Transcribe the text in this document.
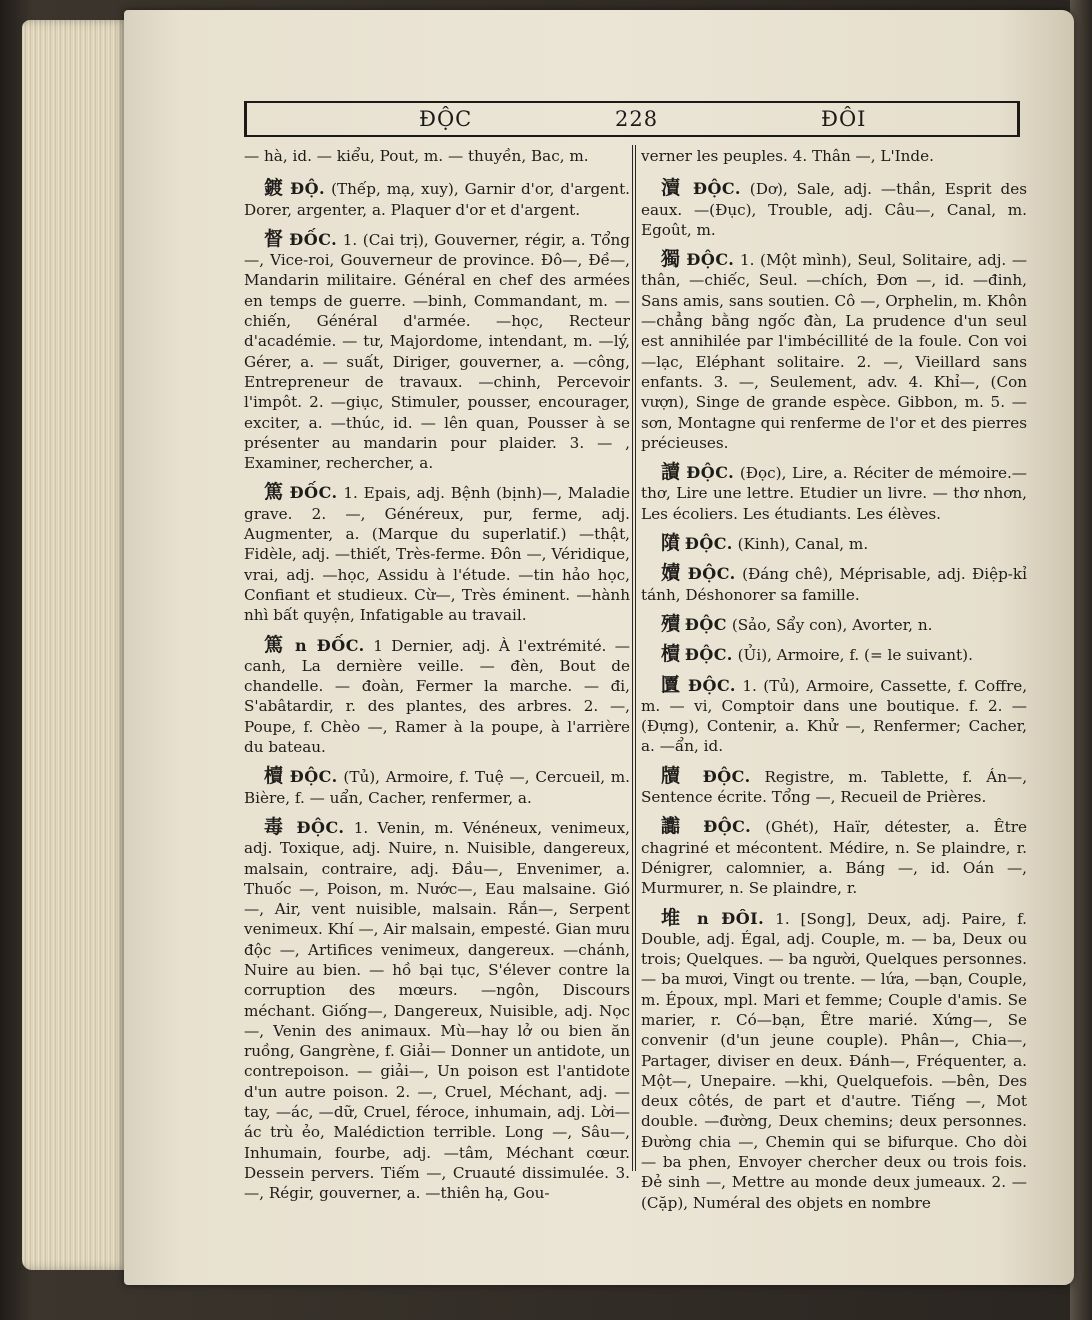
ĐỘC	228	ĐÔI

— hà, id. — kiểu, Pout, m. — thuyền, Bac, m.

鍍 ĐỘ. (Thếp, mạ, xuy), Garnir d'or, d'argent. Dorer, argenter, a. Plaquer d'or et d'argent.

督 ĐỐC. 1. (Cai trị), Gouverner, régir, a. Tổng —, Vice-roi, Gouverneur de province. Đô—, Đề—, Mandarin militaire. Général en chef des armées en temps de guerre. —binh, Commandant, m. —chiến, Général d'armée. —học, Recteur d'académie. — tư, Majordome, intendant, m. —lý, Gérer, a. — suất, Diriger, gouverner, a. —công, Entrepreneur de travaux. —chinh, Percevoir l'impôt. 2. —giục, Stimuler, pousser, encourager, exciter, a. —thúc, id. — lên quan, Pousser à se présenter au mandarin pour plaider. 3. — , Examiner, rechercher, a.

篤 ĐỐC. 1. Epais, adj. Bệnh (bịnh)—, Maladie grave. 2. —, Généreux, pur, ferme, adj. Augmenter, a. (Marque du superlatif.) —thật, Fidèle, adj. —thiết, Très-ferme. Đôn —, Véridique, vrai, adj. —học, Assidu à l'étude. —tin hảo học, Confiant et studieux. Cừ—, Très éminent. —hành nhì bất quyện, Infatigable au travail.

篤 n ĐỐC. 1 Dernier, adj. À l'extrémité. —canh, La dernière veille. — đèn, Bout de chandelle. — đoàn, Fermer la marche. — đi, S'abâtardir, r. des plantes, des arbres. 2. —, Poupe, f. Chèo —, Ramer à la poupe, à l'arrière du bateau.

櫝 ĐỘC. (Tủ), Armoire, f. Tuệ —, Cercueil, m. Bière, f. — uẩn, Cacher, renfermer, a.

毒 ĐỘC. 1. Venin, m. Vénéneux, venimeux, adj. Toxique, adj. Nuire, n. Nuisible, dangereux, malsain, contraire, adj. Đầu—, Envenimer, a. Thuốc —, Poison, m. Nước—, Eau malsaine. Gió—, Air, vent nuisible, malsain. Rắn—, Serpent venimeux. Khí —, Air malsain, empesté. Gian mưu độc —, Artifices venimeux, dangereux. —chánh, Nuire au bien. — hồ bại tục, S'élever contre la corruption des mœurs. —ngôn, Discours méchant. Giống—, Dangereux, Nuisible, adj. Nọc—, Venin des animaux. Mù—hay lở ou bien ăn ruồng, Gangrène, f. Giải— Donner un antidote, un contrepoison. — giải—, Un poison est l'antidote d'un autre poison. 2. —, Cruel, Méchant, adj. —tay, —ác, —dữ, Cruel, féroce, inhumain, adj. Lời—ác trù ẻo, Malédiction terrible. Long —, Sâu—, Inhumain, fourbe, adj. —tâm, Méchant cœur. Dessein pervers. Tiếm —, Cruauté dissimulée. 3. —, Régir, gouverner, a. —thiên hạ, Gou-

verner les peuples. 4. Thân —, L'Inde.

瀆 ĐỘC. (Dơ), Sale, adj. —thần, Esprit des eaux. —(Đục), Trouble, adj. Câu—, Canal, m. Egoût, m.

獨 ĐỘC. 1. (Một mình), Seul, Solitaire, adj. —thân, —chiếc, Seul. —chích, Đơn —, id. —đinh, Sans amis, sans soutien. Cô —, Orphelin, m. Khôn —chẳng bằng ngốc đàn, La prudence d'un seul est annihilée par l'imbécillité de la foule. Con voi —lạc, Eléphant solitaire. 2. —, Vieillard sans enfants. 3. —, Seulement, adv. 4. Khỉ—, (Con vượn), Singe de grande espèce. Gibbon, m. 5. — sơn, Montagne qui renferme de l'or et des pierres précieuses.

讀 ĐỘC. (Đọc), Lire, a. Réciter de mémoire.— thơ, Lire une lettre. Etudier un livre. — thơ nhơn, Les écoliers. Les étudiants. Les élèves.

隫 ĐỘC. (Kinh), Canal, m.

嬻 ĐỘC. (Đáng chê), Méprisable, adj. Điệp-kỉ tánh, Déshonorer sa famille.

殰 ĐỘC (Sảo, Sẩy con), Avorter, n.

櫝 ĐỘC. (Ủi), Armoire, f. (= le suivant).

匵 ĐỘC. 1. (Tủ), Armoire, Cassette, f. Coffre, m. — vi, Comptoir dans une boutique. f. 2. — (Đựng), Contenir, a. Khử —, Renfermer; Cacher, a. —ẩn, id.

牘 ĐỘC. Registre, m. Tablette, f. Án—, Sentence écrite. Tổng —, Recueil de Prières.

讟 ĐỘC. (Ghét), Haïr, détester, a. Être chagriné et mécontent. Médire, n. Se plaindre, r. Dénigrer, calomnier, a. Báng —, id. Oán —, Murmurer, n. Se plaindre, r.

堆 n ĐÔI. 1. [Song], Deux, adj. Paire, f. Double, adj. Égal, adj. Couple, m. — ba, Deux ou trois; Quelques. — ba người, Quelques personnes. — ba mươi, Vingt ou trente. — lứa, —bạn, Couple, m. Époux, mpl. Mari et femme; Couple d'amis. Se marier, r. Có—bạn, Être marié. Xứng—, Se convenir (d'un jeune couple). Phân—, Chia—, Partager, diviser en deux. Đánh—, Fréquenter, a. Một—, Unepaire. —khi, Quelquefois. —bên, Des deux côtés, de part et d'autre. Tiếng —, Mot double. —đường, Deux chemins; deux personnes. Đường chia —, Chemin qui se bifurque. Cho dòi — ba phen, Envoyer chercher deux ou trois fois. Đẻ sinh —, Mettre au monde deux jumeaux. 2. —(Cặp), Numéral des objets en nombre
